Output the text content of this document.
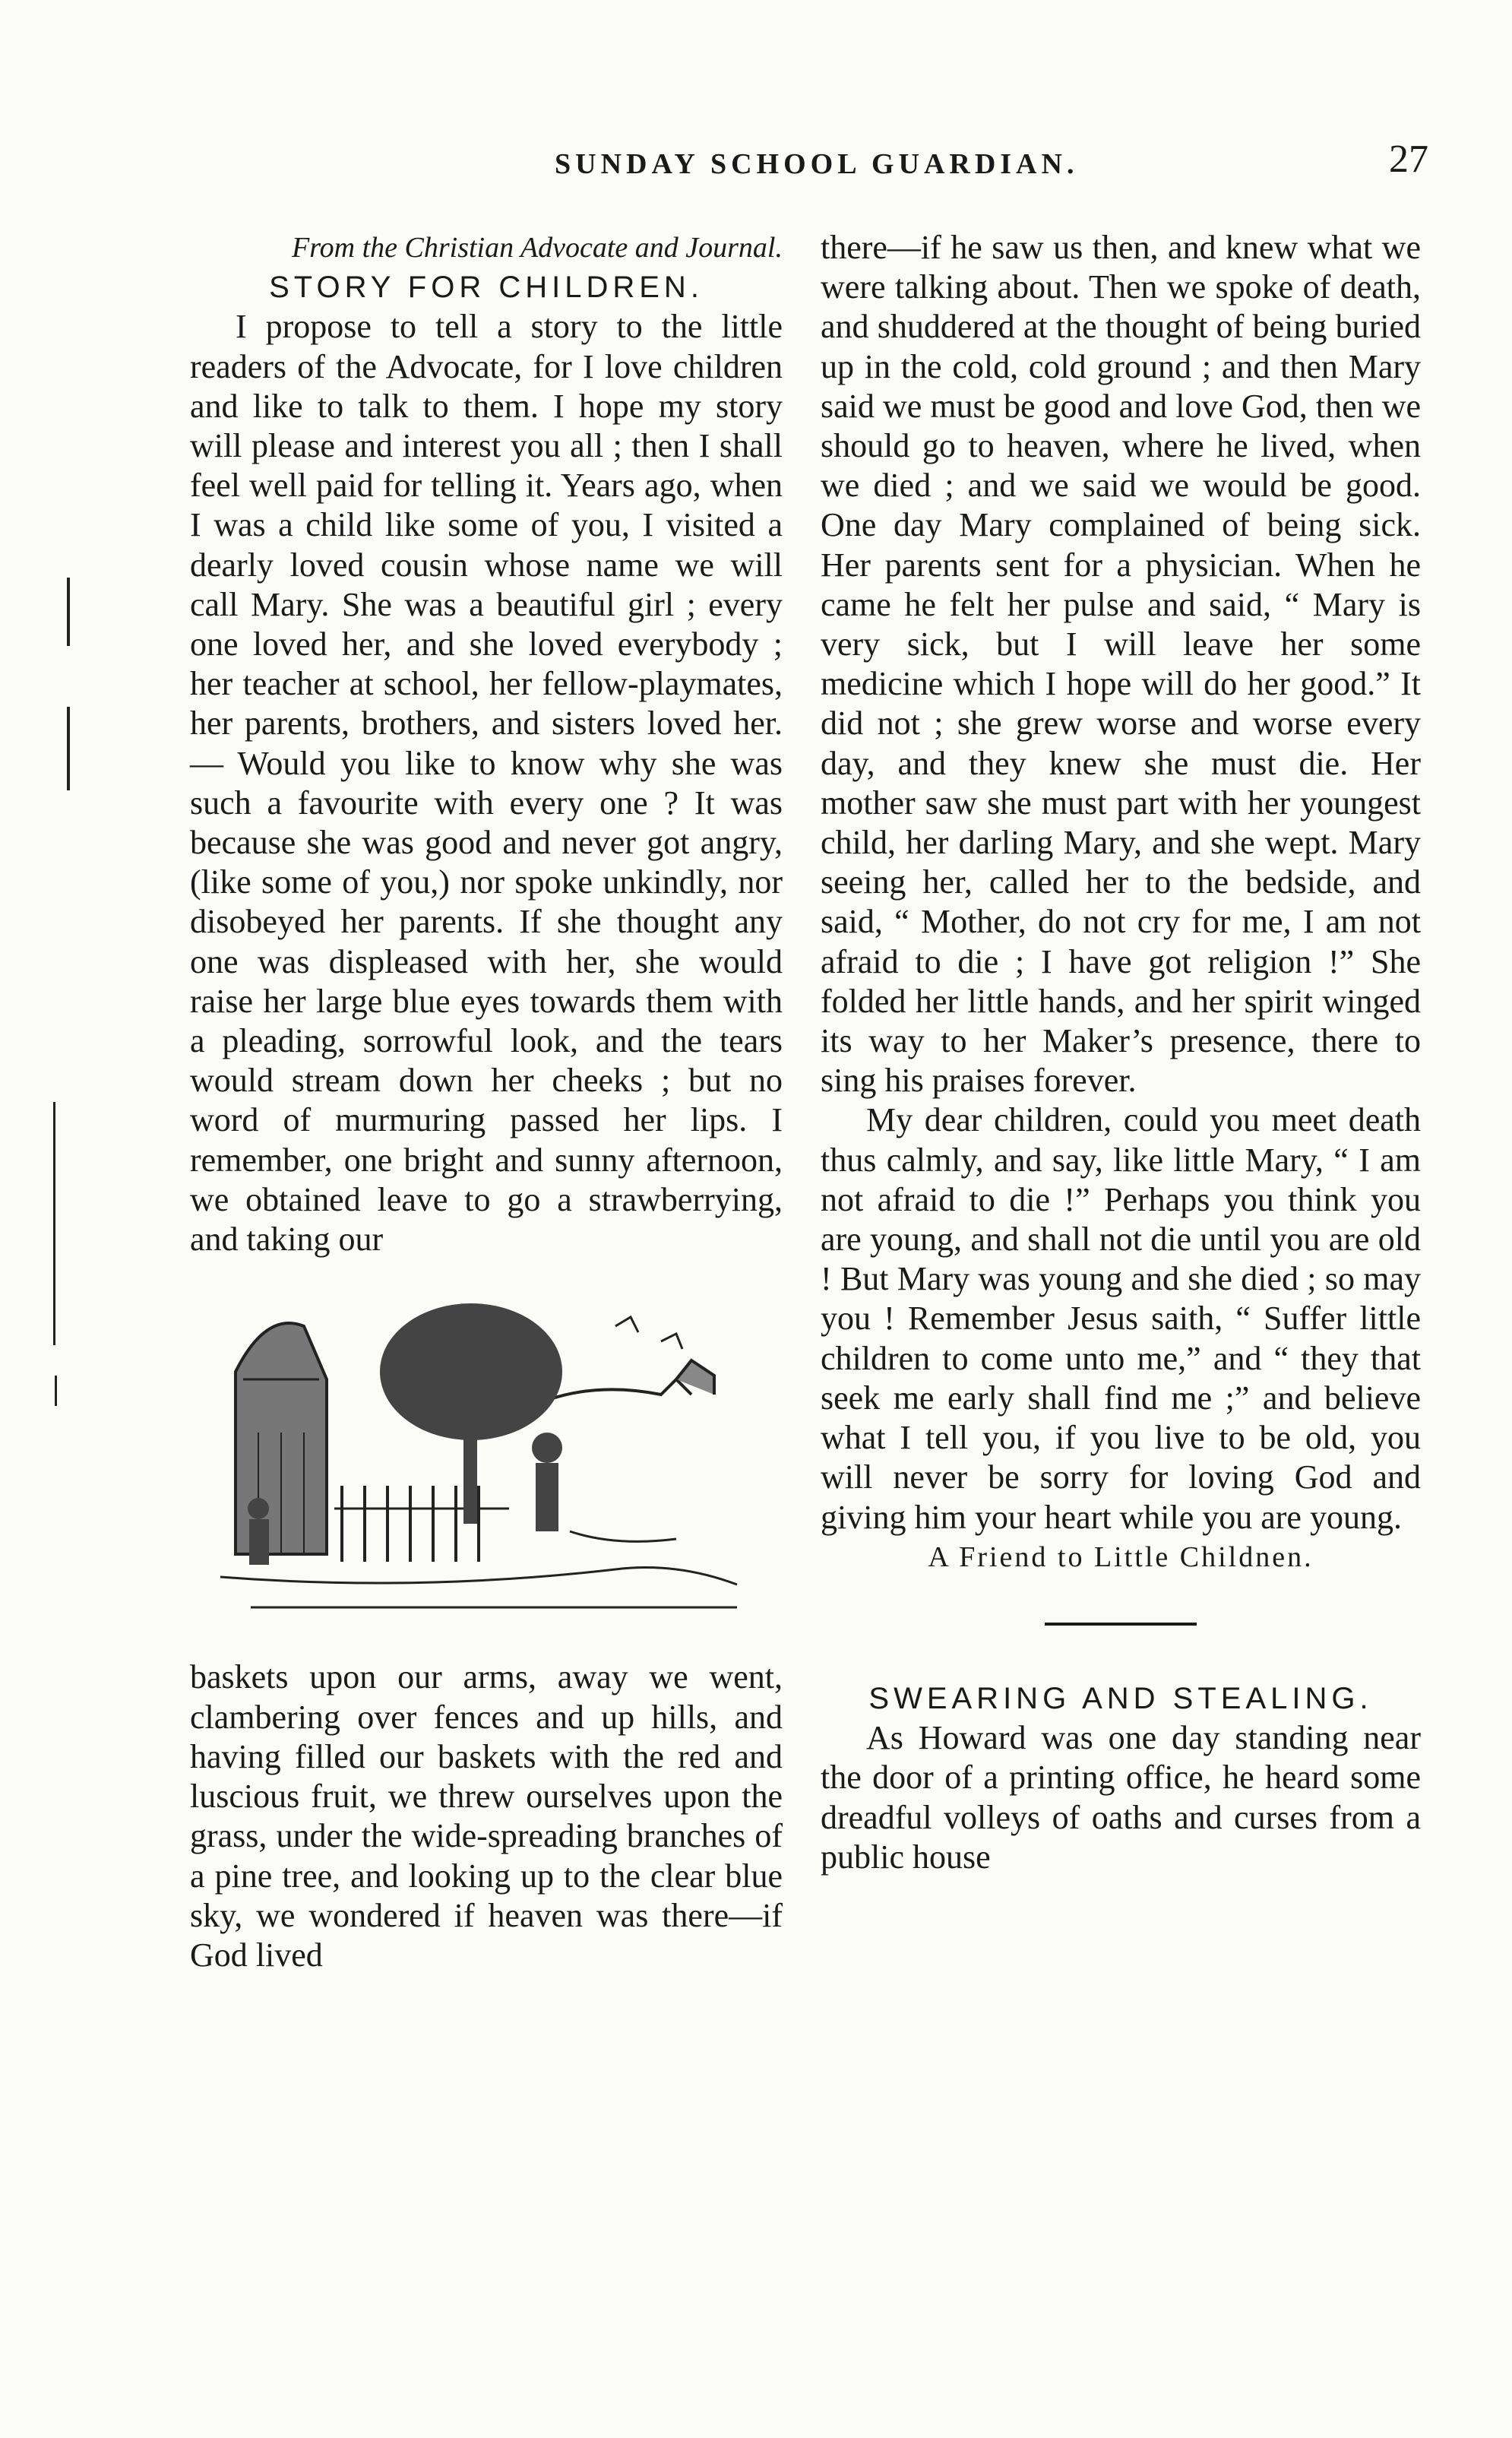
SUNDAY SCHOOL GUARDIAN.	27

From the Christian Advocate and Journal.

STORY FOR CHILDREN.

I propose to tell a story to the little readers of the Advocate, for I love children and like to talk to them. I hope my story will please and interest you all ; then I shall feel well paid for telling it. Years ago, when I was a child like some of you, I visited a dearly loved cousin whose name we will call Mary. She was a beautiful girl ; every one loved her, and she loved everybody ; her teacher at school, her fellow-playmates, her parents, brothers, and sisters loved her.— Would you like to know why she was such a favourite with every one ? It was because she was good and never got angry, (like some of you,) nor spoke unkindly, nor disobeyed her parents. If she thought any one was displeased with her, she would raise her large blue eyes towards them with a pleading, sorrowful look, and the tears would stream down her cheeks ; but no word of murmuring passed her lips. I remember, one bright and sunny afternoon, we obtained leave to go a strawberrying, and taking our

baskets upon our arms, away we went, clambering over fences and up hills, and having filled our baskets with the red and luscious fruit, we threw ourselves upon the grass, under the wide-spreading branches of a pine tree, and looking up to the clear blue sky, we wondered if heaven was there—if God lived

there—if he saw us then, and knew what we were talking about. Then we spoke of death, and shuddered at the thought of being buried up in the cold, cold ground ; and then Mary said we must be good and love God, then we should go to heaven, where he lived, when we died ; and we said we would be good. One day Mary complained of being sick. Her parents sent for a physician. When he came he felt her pulse and said, “ Mary is very sick, but I will leave her some medicine which I hope will do her good.” It did not ; she grew worse and worse every day, and they knew she must die. Her mother saw she must part with her youngest child, her darling Mary, and she wept. Mary seeing her, called her to the bedside, and said, “ Mother, do not cry for me, I am not afraid to die ; I have got religion !” She folded her little hands, and her spirit winged its way to her Maker’s presence, there to sing his praises forever.

My dear children, could you meet death thus calmly, and say, like little Mary, “ I am not afraid to die !” Perhaps you think you are young, and shall not die until you are old ! But Mary was young and she died ; so may you ! Remember Jesus saith, “ Suffer little children to come unto me,” and “ they that seek me early shall find me ;” and believe what I tell you, if you live to be old, you will never be sorry for loving God and giving him your heart while you are young.

A Friend to Little Childnen.

SWEARING AND STEALING.

As Howard was one day standing near the door of a printing office, he heard some dreadful volleys of oaths and curses from a public house
